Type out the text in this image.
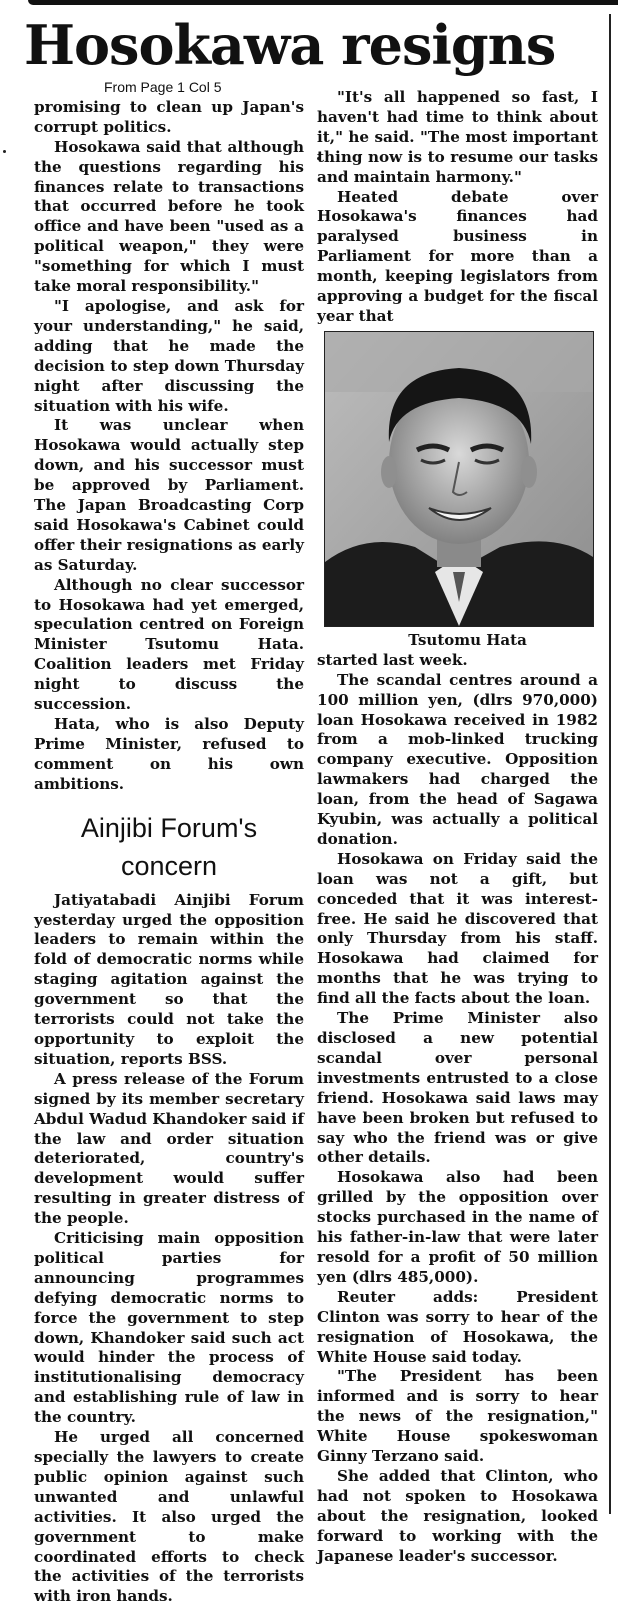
Hosokawa resigns

From Page 1 Col 5

promising to clean up Japan's corrupt politics.

Hosokawa said that although the questions regarding his finances relate to transactions that occurred before he took office and have been "used as a political weapon," they were "something for which I must take moral responsibility."

"I apologise, and ask for your understanding," he said, adding that he made the decision to step down Thursday night after discussing the situation with his wife.

It was unclear when Hosokawa would actually step down, and his successor must be approved by Parliament. The Japan Broadcasting Corp said Hosokawa's Cabinet could offer their resignations as early as Saturday.

Although no clear successor to Hosokawa had yet emerged, speculation centred on Foreign Minister Tsutomu Hata. Coalition leaders met Friday night to discuss the succession.

Hata, who is also Deputy Prime Minister, refused to comment on his own ambitions.

Ainjibi Forum's concern

Jatiyatabadi Ainjibi Forum yesterday urged the opposition leaders to remain within the fold of democratic norms while staging agitation against the government so that the terrorists could not take the opportunity to exploit the situation, reports BSS.

A press release of the Forum signed by its member secretary Abdul Wadud Khandoker said if the law and order situation deteriorated, country's development would suffer resulting in greater distress of the people.

Criticising main opposition political parties for announcing programmes defying democratic norms to force the government to step down, Khandoker said such act would hinder the process of institutionalising democracy and establishing rule of law in the country.

He urged all concerned specially the lawyers to create public opinion against such unwanted and unlawful activities. It also urged the government to make coordinated efforts to check the activities of the terrorists with iron hands.

"It's all happened so fast, I haven't had time to think about it," he said. "The most important thing now is to resume our tasks and maintain harmony."

Heated debate over Hosokawa's finances had paralysed business in Parliament for more than a month, keeping legislators from approving a budget for the fiscal year that

Tsutomu Hata

started last week.

The scandal centres around a 100 million yen, (dlrs 970,000) loan Hosokawa received in 1982 from a mob-linked trucking company executive. Opposition lawmakers had charged the loan, from the head of Sagawa Kyubin, was actually a political donation.

Hosokawa on Friday said the loan was not a gift, but conceded that it was interest-free. He said he discovered that only Thursday from his staff. Hosokawa had claimed for months that he was trying to find all the facts about the loan.

The Prime Minister also disclosed a new potential scandal over personal investments entrusted to a close friend. Hosokawa said laws may have been broken but refused to say who the friend was or give other details.

Hosokawa also had been grilled by the opposition over stocks purchased in the name of his father-in-law that were later resold for a profit of 50 million yen (dlrs 485,000).

Reuter adds: President Clinton was sorry to hear of the resignation of Hosokawa, the White House said today.

"The President has been informed and is sorry to hear the news of the resignation," White House spokeswoman Ginny Terzano said.

She added that Clinton, who had not spoken to Hosokawa about the resignation, looked forward to working with the Japanese leader's successor.
